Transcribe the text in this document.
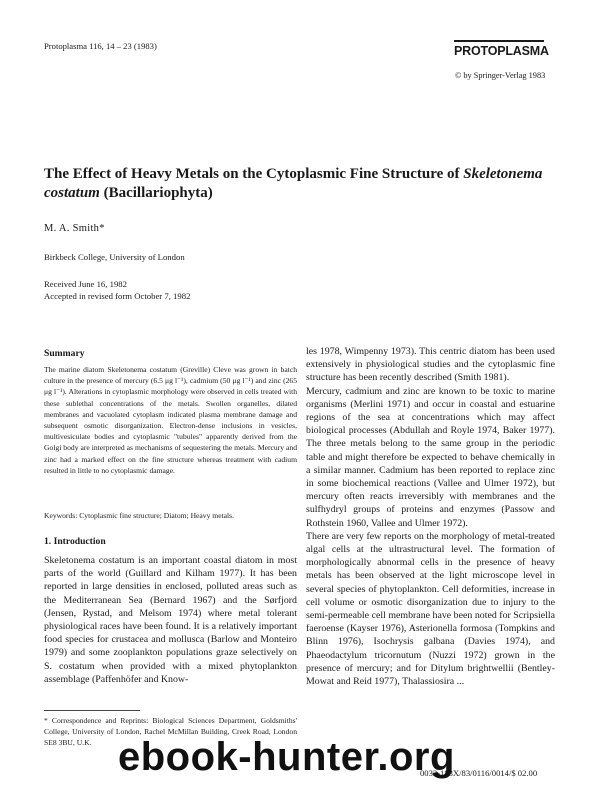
Protoplasma 116, 14 – 23 (1983)	PROTOPLASMA
© by Springer-Verlag 1983
The Effect of Heavy Metals on the Cytoplasmic Fine Structure of Skeletonema costatum (Bacillariophyta)
M. A. Smith*
Birkbeck College, University of London
Received June 16, 1982
Accepted in revised form October 7, 1982
Summary
The marine diatom Skeletonema costatum (Greville) Cleve was grown in batch culture in the presence of mercury (6.5 μg l⁻¹), cadmium (50 μg l⁻¹) and zinc (265 μg l⁻¹). Alterations in cytoplasmic morphology were observed in cells treated with these sublethal concentrations of the metals. Swollen organelles, dilated membranes and vacuolated cytoplasm indicated plasma membrane damage and subsequent osmotic disorganization. Electron-dense inclusions in vesicles, multivesiculate bodies and cytoplasmic "tubules" apparently derived from the Golgi body are interpreted as mechanisms of sequestering the metals. Mercury and zinc had a marked effect on the fine structure whereas treatment with cadium resulted in little to no cytoplasmic damage.
Keywords: Cytoplasmic fine structure; Diatom; Heavy metals.
1. Introduction
Skeletonema costatum is an important coastal diatom in most parts of the world (Guillard and Kilham 1977). It has been reported in large densities in enclosed, polluted areas such as the Mediterranean Sea (Bernard 1967) and the Sørfjord (Jensen, Rystad, and Melsom 1974) where metal tolerant physiological races have been found. It is a relatively important food species for crustacea and mollusca (Barlow and Monteiro 1979) and some zooplankton populations graze selectively on S. costatum when provided with a mixed phytoplankton assemblage (Paffenhöfer and Know-

les 1978, Wimpenny 1973). This centric diatom has been used extensively in physiological studies and the cytoplasmic fine structure has been recently described (Smith 1981).

Mercury, cadmium and zinc are known to be toxic to marine organisms (Merlini 1971) and occur in coastal and estuarine regions of the sea at concentrations which may affect biological processes (Abdullah and Royle 1974, Baker 1977). The three metals belong to the same group in the periodic table and might therefore be expected to behave chemically in a similar manner. Cadmium has been reported to replace zinc in some biochemical reactions (Vallee and Ulmer 1972), but mercury often reacts irreversibly with membranes and the sulfhydryl groups of proteins and enzymes (Passow and Rothstein 1960, Vallee and Ulmer 1972).

There are very few reports on the morphology of metal-treated algal cells at the ultrastructural level. The formation of morphologically abnormal cells in the presence of heavy metals has been observed at the light microscope level in several species of phytoplankton. Cell deformities, increase in cell volume or osmotic disorganization due to injury to the semi-permeable cell membrane have been noted for Scripsiella faeroense (Kayser 1976), Asterionella formosa (Tompkins and Blinn 1976), Isochrysis galbana (Davies 1974), and Phaeodactylum tricornutum (Nuzzi 1972) grown in the presence of mercury; and for Ditylum brightwellii (Bentley-Mowat and Reid 1977), Thalassiosira ...

* Correspondence and Reprints: Biological Sciences Department, Goldsmiths' College, University of London, Rachel McMillan Building, Creek Road, London SE8 3BU, U.K.
0033-183X/83/0116/0014/$ 02.00
ebook-hunter.org
